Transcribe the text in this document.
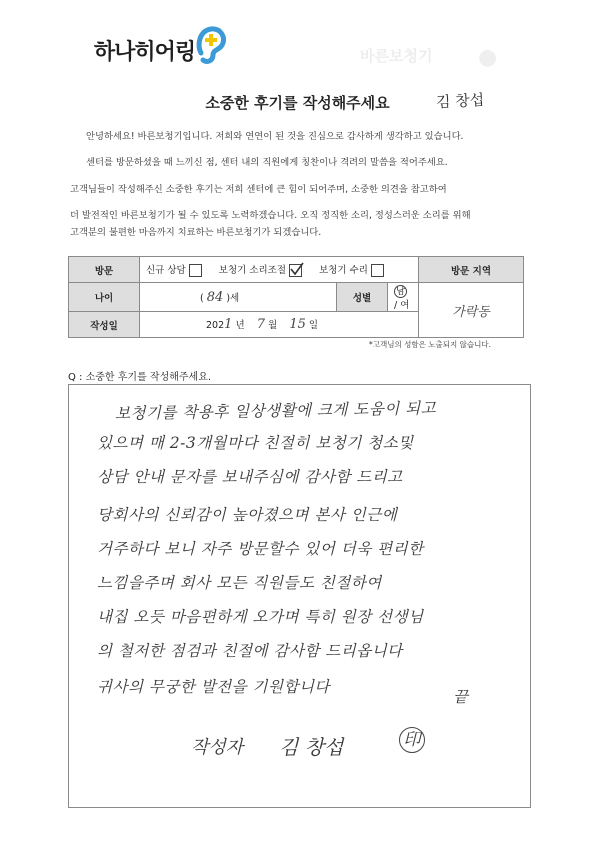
하나히어링	바른보청기 ●
소중한 후기를 작성해주세요	김 창섭

안녕하세요! 바른보청기입니다. 저희와 연연이 된 것을 진심으로 감사하게 생각하고 있습니다.

센터를 방문하셨을 때 느끼신 점, 센터 내의 직원에게 칭찬이나 격려의 말씀을 적어주세요.

고객님들이 작성해주신 소중한 후기는 저희 센터에 큰 힘이 되어주며, 소중한 의견을 참고하여

더 발전적인 바른보청기가 될 수 있도록 노력하겠습니다. 오직 정직한 소리, 정성스러운 소리를 위해

고객분의 불편한 마음까지 치료하는 바른보청기가 되겠습니다.

방문	신규 상담 보청기 소리조절 보청기 수리			방문 지역
나이	( 84 )세	성별	남 / 여	가락동
작성일	2021 년 7 월 15 일			
*고객님의 성함은 노출되지 않습니다.
Q : 소중한 후기를 작성해주세요.
보청기를 착용후 일상생활에 크게 도움이 되고
있으며 매 2-3개월마다 친절히 보청기 청소및
상담 안내 문자를 보내주심에 감사함 드리고
당회사의 신뢰감이 높아졌으며 본사 인근에
거주하다 보니 자주 방문할수 있어 더욱 편리한
느낌을주며 회사 모든 직원들도 친절하여
내집 오듯 마음편하게 오가며 특히 원장 선생님
의 철저한 점검과 친절에 감사함 드리옵니다
귀사의 무궁한 발전을 기원합니다
끝
작성자 김 창섭	印
